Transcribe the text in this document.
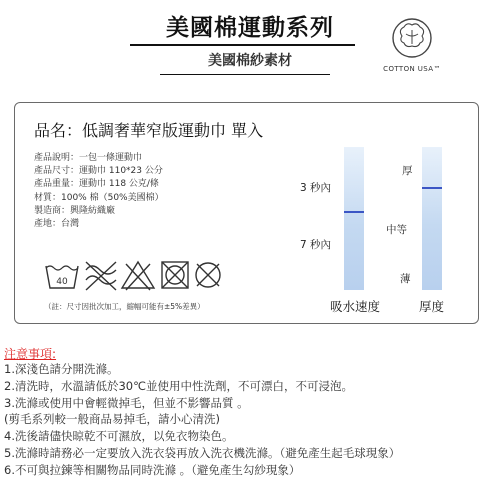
美國棉運動系列
美國棉紗素材	COTTON USA™
品名：低調奢華窄版運動巾 單入
產品說明：一包一條運動巾
產品尺寸：運動巾 110*23 公分
產品重量：運動巾 118 公克/條
材質：100% 棉（50%美國棉）
製造商：興隆紡織廠
產地：台灣
40
（註：尺寸因批次加工，縮幅可能有±5%差異）
3 秒內
7 秒內
厚
中等
薄
吸水速度	厚度
注意事項:
1.深淺色請分開洗滌。
2.清洗時，水溫請低於30℃並使用中性洗劑，不可漂白，不可浸泡。
3.洗滌或使用中會輕微掉毛，但並不影響品質 。
(剪毛系列較一般商品易掉毛，請小心清洗)
4.洗後請儘快晾乾不可濕放，以免衣物染色。
5.洗滌時請務必一定要放入洗衣袋再放入洗衣機洗滌。（避免產生起毛球現象）
6.不可與拉鍊等相關物品同時洗滌 。（避免產生勾紗現象）
